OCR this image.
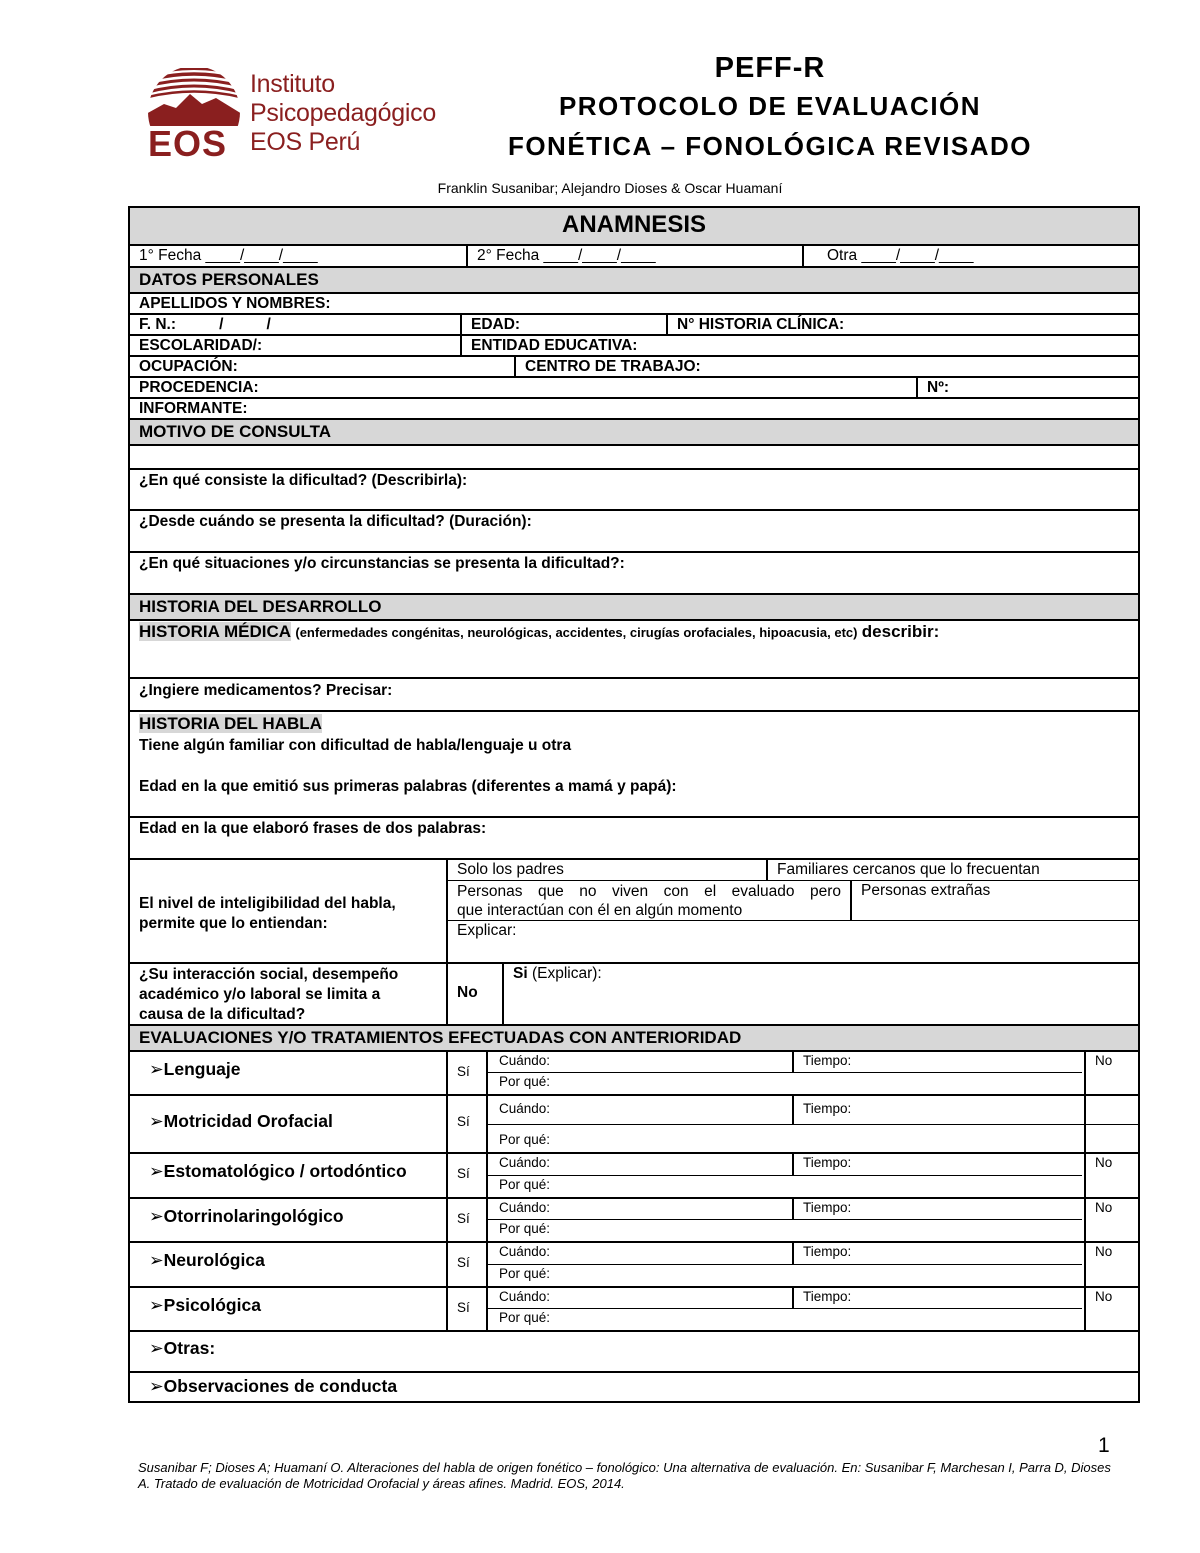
EOS
Instituto
Psicopedagógico
EOS Perú
PEFF-R
PROTOCOLO DE EVALUACIÓN
FONÉTICA – FONOLÓGICA REVISADO
Franklin Susanibar; Alejandro Dioses & Oscar Huamaní
ANAMNESIS
1° Fecha ____/____/____	2° Fecha ____/____/____	Otra ____/____/____
DATOS PERSONALES
APELLIDOS Y NOMBRES:
F. N.:          /          /	EDAD:	N° HISTORIA CLÍNICA:
ESCOLARIDAD/:	ENTIDAD EDUCATIVA:
OCUPACIÓN:	CENTRO DE TRABAJO:
PROCEDENCIA:	Nº:
INFORMANTE:
MOTIVO DE CONSULTA
¿En qué consiste la dificultad? (Describirla):
¿Desde cuándo se presenta la dificultad? (Duración):
¿En qué situaciones y/o circunstancias se presenta la dificultad?:
HISTORIA DEL DESARROLLO
HISTORIA MÉDICA (enfermedades congénitas, neurológicas, accidentes, cirugías orofaciales, hipoacusia, etc) describir:
¿Ingiere medicamentos? Precisar:
HISTORIA DEL HABLA
Tiene algún familiar con dificultad de habla/lenguaje u otra
Edad en la que emitió sus primeras palabras (diferentes a mamá y papá):
Edad en la que elaboró frases de dos palabras:
El nivel de inteligibilidad del habla,
permite que lo entiendan:
Solo los padres	Familiares cercanos que lo frecuentan
Personas que no viven con el evaluado pero
que interactúan con él en algún momento
Personas extrañas
Explicar:
¿Su interacción social, desempeño
académico y/o laboral se limita a
causa de la dificultad?
No
Si (Explicar):
EVALUACIONES Y/O TRATAMIENTOS EFECTUADAS CON ANTERIORIDAD
➢Lenguaje	Sí
Cuándo:	Tiempo:
Por qué:
No
➢Motricidad Orofacial	Sí
Cuándo:	Tiempo:
Por qué:
➢Estomatológico / ortodóntico	Sí
Cuándo:	Tiempo:
Por qué:
No
➢Otorrinolaringológico	Sí
Cuándo:	Tiempo:
Por qué:
No
➢Neurológica	Sí
Cuándo:	Tiempo:
Por qué:
No
➢Psicológica	Sí
Cuándo:	Tiempo:
Por qué:
No
➢Otras:
➢Observaciones de conducta
1
Susanibar F; Dioses A; Huamaní O. Alteraciones del habla de origen fonético – fonológico: Una alternativa de evaluación. En: Susanibar F, Marchesan I, Parra D, Dioses A. Tratado de evaluación de Motricidad Orofacial y áreas afines. Madrid. EOS, 2014.
